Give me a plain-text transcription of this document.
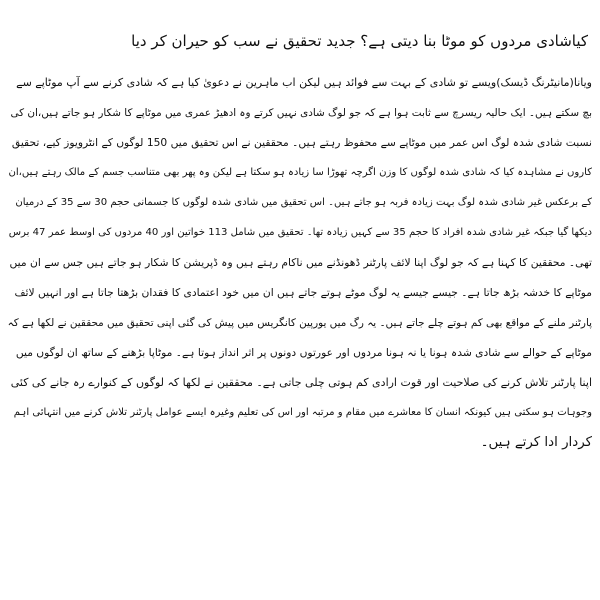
کیاشادی مردوں کو موٹا بنا دیتی ہے؟ جدید تحقیق نے سب کو حیران کر دیا
ویانا(مانیٹرنگ ڈیسک)ویسے تو شادی کے بہت سے فوائد ہیں لیکن اب ماہرین نے دعویٰ کیا ہے کہ شادی کرنے سے آپ موٹاپے سے
بچ سکتے ہیں۔ ایک حالیہ ریسرچ سے ثابت ہوا ہے کہ جو لوگ شادی نہیں کرتے وہ ادھیڑ عمری میں موٹاپے کا شکار ہو جاتے ہیں،ان کی
نسبت شادی شدہ لوگ اس عمر میں موٹاپے سے محفوظ رہتے ہیں۔ محققین نے اس تحقیق میں 150 لوگوں کے انٹرویوز کیے، تحقیق
کاروں نے مشاہدہ کیا کہ شادی شدہ لوگوں کا وزن اگرچہ تھوڑا سا زیادہ ہو سکتا ہے لیکن وہ پھر بھی متناسب جسم کے مالک رہتے ہیں،ان
کے برعکس غیر شادی شدہ لوگ بہت زیادہ فربہ ہو جاتے ہیں۔ اس تحقیق میں شادی شدہ لوگوں کا جسمانی حجم 30 سے 35 کے درمیان
دیکھا گیا جبکہ غیر شادی شدہ افراد کا حجم 35 سے کہیں زیادہ تھا۔ تحقیق میں شامل 113 خواتین اور 40 مردوں کی اوسط عمر 47 برس
تھی۔ محققین کا کہنا ہے کہ جو لوگ اپنا لائف پارٹنر ڈھونڈنے میں ناکام رہتے ہیں وہ ڈپریشن کا شکار ہو جاتے ہیں جس سے ان میں
موٹاپے کا خدشہ بڑھ جاتا ہے۔ جیسے جیسے یہ لوگ موٹے ہوتے جاتے ہیں ان میں خود اعتمادی کا فقدان بڑھتا جاتا ہے اور انہیں لائف
پارٹنر ملنے کے مواقع بھی کم ہوتے چلے جاتے ہیں۔ یہ رگ میں یورپین کانگریس میں پیش کی گئی اپنی تحقیق میں محققین نے لکھا ہے کہ
موٹاپے کے حوالے سے شادی شدہ ہونا یا نہ ہونا مردوں اور عورتوں دونوں پر اثر انداز ہوتا ہے۔ موٹاپا بڑھنے کے ساتھ ان لوگوں میں
اپنا پارٹنر تلاش کرنے کی صلاحیت اور قوت ارادی کم ہوتی چلی جاتی ہے۔ محققین نے لکھا کہ لوگوں کے کنوارے رہ جانے کی کئی
وجوہات ہو سکتی ہیں کیونکہ انسان کا معاشرے میں مقام و مرتبہ اور اس کی تعلیم وغیرہ ایسے عوامل پارٹنر تلاش کرنے میں انتہائی اہم
کردار ادا کرتے ہیں۔
